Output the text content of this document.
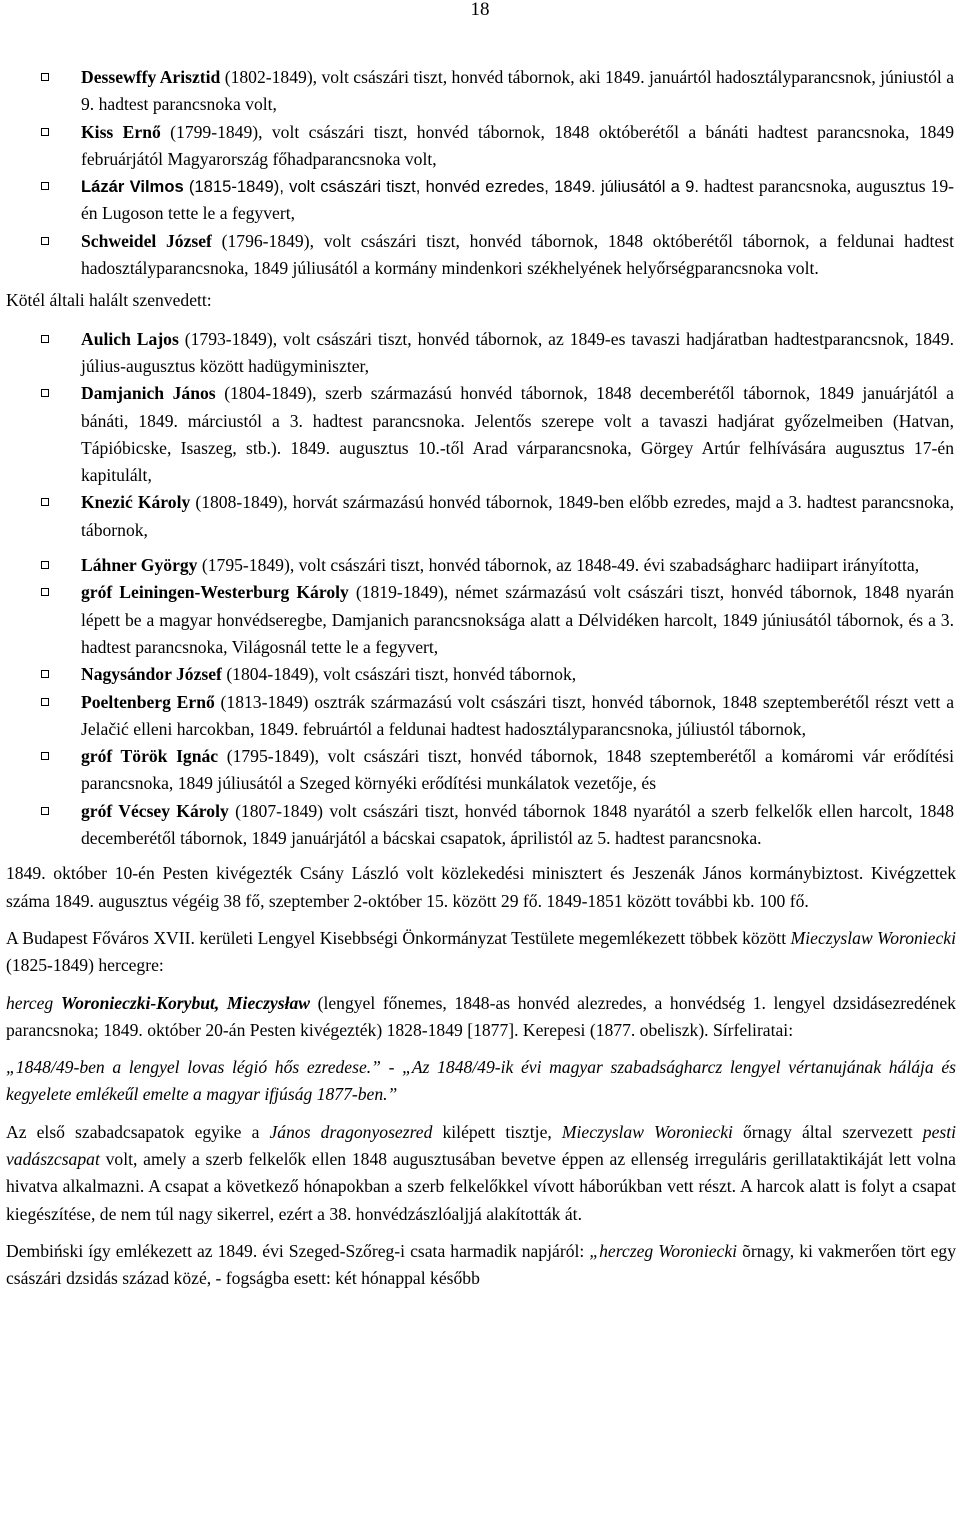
18
Dessewffy Arisztid (1802-1849), volt császári tiszt, honvéd tábornok, aki 1849. januártól hadosztályparancsnok, júniustól a 9. hadtest parancsnoka volt,
Kiss Ernő (1799-1849), volt császári tiszt, honvéd tábornok, 1848 októberétől a bánáti hadtest parancsnoka, 1849 februárjától Magyarország főhadparancsnoka volt,
Lázár Vilmos (1815-1849), volt császári tiszt, honvéd ezredes, 1849. júliusától a 9. hadtest parancsnoka, augusztus 19-én Lugoson tette le a fegyvert,
Schweidel József (1796-1849), volt császári tiszt, honvéd tábornok, 1848 októberétől tábornok, a feldunai hadtest hadosztályparancsnoka, 1849 júliusától a kormány mindenkori székhelyének helyőrségparancsnoka volt.
Kötél általi halált szenvedett:
Aulich Lajos (1793-1849), volt császári tiszt, honvéd tábornok, az 1849-es tavaszi hadjáratban hadtestparancsnok, 1849. július-augusztus között hadügyminiszter,
Damjanich János (1804-1849), szerb származású honvéd tábornok, 1848 decemberétől tábornok, 1849 januárjától a bánáti, 1849. márciustól a 3. hadtest parancsnoka. Jelentős szerepe volt a tavaszi hadjárat győzelmeiben (Hatvan, Tápióbicske, Isaszeg, stb.). 1849. augusztus 10.-től Arad várparancsnoka, Görgey Artúr felhívására augusztus 17-én kapitulált,
Knezić Károly (1808-1849), horvát származású honvéd tábornok, 1849-ben előbb ezredes, majd a 3. hadtest parancsnoka, tábornok,
Láhner György (1795-1849), volt császári tiszt, honvéd tábornok, az 1848-49. évi szabadságharc hadiipart irányította,
gróf Leiningen-Westerburg Károly (1819-1849), német származású volt császári tiszt, honvéd tábornok, 1848 nyarán lépett be a magyar honvédseregbe, Damjanich parancsnoksága alatt a Délvidéken harcolt, 1849 júniusától tábornok, és a 3. hadtest parancsnoka, Világosnál tette le a fegyvert,
Nagysándor József (1804-1849), volt császári tiszt, honvéd tábornok,
Poeltenberg Ernő (1813-1849) osztrák származású volt császári tiszt, honvéd tábornok, 1848 szeptemberétől részt vett a Jelačić elleni harcokban, 1849. februártól a feldunai hadtest hadosztályparancsnoka, júliustól tábornok,
gróf Török Ignác (1795-1849), volt császári tiszt, honvéd tábornok, 1848 szeptemberétől a komáromi vár erődítési parancsnoka, 1849 júliusától a Szeged környéki erődítési munkálatok vezetője, és
gróf Vécsey Károly (1807-1849) volt császári tiszt, honvéd tábornok 1848 nyarától a szerb felkelők ellen harcolt, 1848 decemberétől tábornok, 1849 januárjától a bácskai csapatok, áprilistól az 5. hadtest parancsnoka.

1849. október 10-én Pesten kivégezték Csány László volt közlekedési minisztert és Jeszenák János kormánybiztost. Kivégzettek száma 1849. augusztus végéig 38 fő, szeptember 2-október 15. között 29 fő. 1849-1851 között további kb. 100 fő.

A Budapest Főváros XVII. kerületi Lengyel Kisebbségi Önkormányzat Testülete megemlékezett többek között Mieczyslaw Woroniecki (1825-1849) hercegre:

herceg Woronieczki-Korybut, Mieczysław (lengyel főnemes, 1848-as honvéd alezredes, a honvédség 1. lengyel dzsidásezredének parancsnoka; 1849. október 20-án Pesten kivégezték) 1828-1849 [1877]. Kerepesi (1877. obeliszk). Sírfeliratai:

„1848/49-ben a lengyel lovas légió hős ezredese.” - „Az 1848/49-ik évi magyar szabadságharcz lengyel vértanujának hálája és kegyelete emlékeűl emelte a magyar ifjúság 1877-ben.”

Az első szabadcsapatok egyike a János dragonyosezred kilépett tisztje, Mieczyslaw Woroniecki őrnagy által szervezett pesti vadászcsapat volt, amely a szerb felkelők ellen 1848 augusztusában bevetve éppen az ellenség irreguláris gerillataktikáját lett volna hivatva alkalmazni. A csapat a következő hónapokban a szerb felkelőkkel vívott háborúkban vett részt. A harcok alatt is folyt a csapat kiegészítése, de nem túl nagy sikerrel, ezért a 38. honvédzászlóaljjá alakították át.

Dembiński így emlékezett az 1849. évi Szeged-Szőreg-i csata harmadik napjáról: „herczeg Woroniecki õrnagy, ki vakmerően tört egy császári dzsidás század közé, - fogságba esett: két hónappal később
